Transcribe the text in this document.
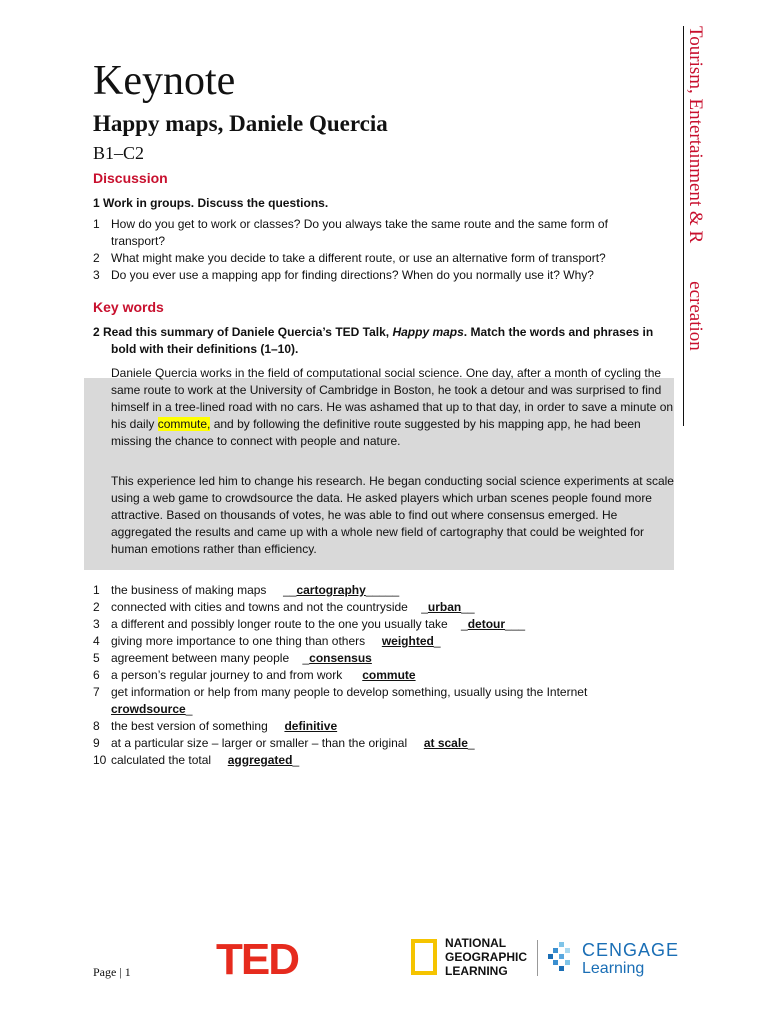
Keynote
Happy maps, Daniele Quercia
B1–C2	Tourism, Entertainment & R        ecreation
Discussion
1 Work in groups. Discuss the questions.
1 How do you get to work or classes? Do you always take the same route and the same form of
transport?
2 What might make you decide to take a different route, or use an alternative form of transport?
3 Do you ever use a mapping app for finding directions? When do you normally use it? Why?
Key words
2 Read this summary of Daniele Quercia’s TED Talk, Happy maps. Match the words and phrases in
bold with their definitions (1–10).

Daniele Quercia works in the field of computational social science. One day, after a month of cycling the same route to work at the University of Cambridge in Boston, he took a detour and was surprised to find himself in a tree-lined road with no cars. He was ashamed that up to that day, in order to save a minute on his daily commute, and by following the definitive route suggested by his mapping app, he had been missing the chance to connect with people and nature.

This experience led him to change his research. He began conducting social science experiments at scale using a web game to crowdsource the data. He asked players which urban scenes people found more attractive. Based on thousands of votes, he was able to find out where consensus emerged. He aggregated the results and came up with a whole new field of cartography that could be weighted for human emotions rather than efficiency.

1 the business of making maps __cartography_____
2 connected with cities and towns and not the countryside _urban__
3 a different and possibly longer route to the one you usually take _detour___
4 giving more importance to one thing than others weighted_
5 agreement between many people _consensus
6 a person’s regular journey to and from work commute
7 get information or help from many people to develop something, usually using the Internet
crowdsource_
8 the best version of something definitive
9 at a particular size – larger or smaller – than the original at scale_
10 calculated the total aggregated_
Page | 1 TED	NATIONAL
GEOGRAPHIC
LEARNING
CENGAGE
Learning
